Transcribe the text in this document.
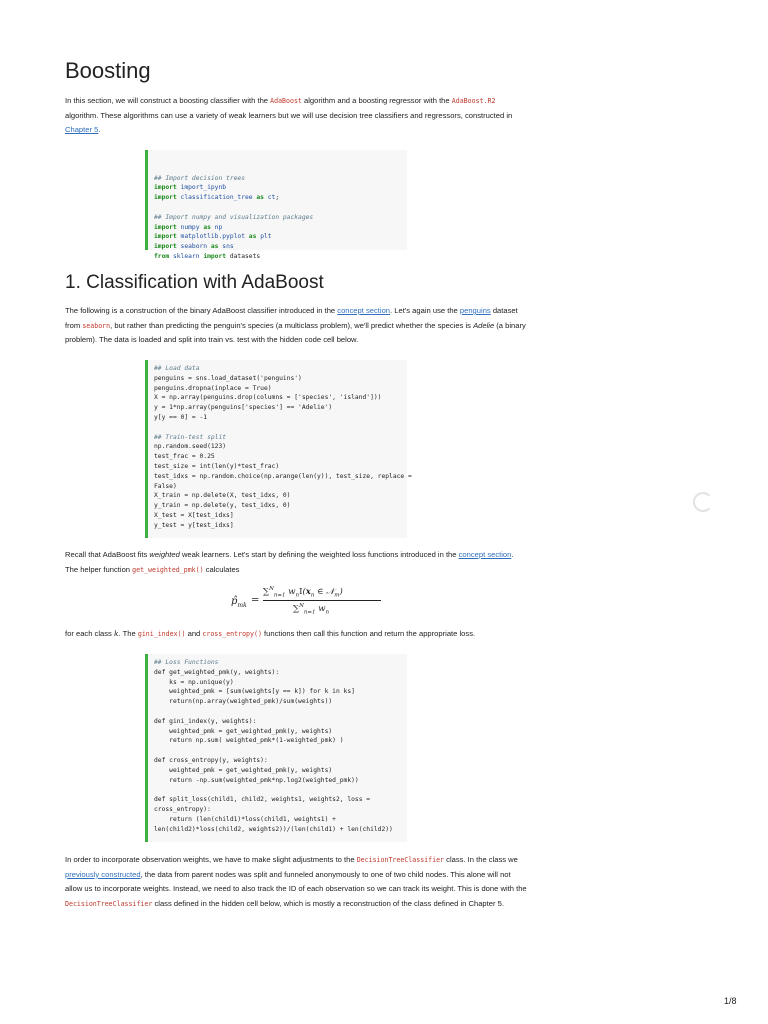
Boosting
In this section, we will construct a boosting classifier with the AdaBoost algorithm and a boosting regressor with the AdaBoost.R2 algorithm. These algorithms can use a variety of weak learners but we will use decision tree classifiers and regressors, constructed in Chapter 5.

## Import decision trees
import import_ipynb
import classification_tree as ct;

## Import numpy and visualization packages
import numpy as np
import matplotlib.pyplot as plt
import seaborn as sns
from sklearn import datasets

1. Classification with AdaBoost
The following is a construction of the binary AdaBoost classifier introduced in the concept section. Let's again use the penguins dataset from seaborn, but rather than predicting the penguin's species (a multiclass problem), we'll predict whether the species is Adelie (a binary problem). The data is loaded and split into train vs. test with the hidden code cell below.
## Load data
penguins = sns.load_dataset('penguins')
penguins.dropna(inplace = True)
X = np.array(penguins.drop(columns = ['species', 'island']))
y = 1*np.array(penguins['species'] == 'Adelie')
y[y == 0] = -1

## Train-test split
np.random.seed(123)
test_frac = 0.25
test_size = int(len(y)*test_frac)
test_idxs = np.random.choice(np.arange(len(y)), test_size, replace =
False)
X_train = np.delete(X, test_idxs, 0)
y_train = np.delete(y, test_idxs, 0)
X_test = X[test_idxs]
y_test = y[test_idxs]
Recall that AdaBoost fits weighted weak learners. Let's start by defining the weighted loss functions introduced in the concept section. The helper function get_weighted_pmk() calculates
$p̂_{mk}$ =
∑$^N_{n=1}$ $w_nI(x_n$ ∈ 𝒩$_m$)
∑$^N_{n=1}$ $w_n$
for each class k. The gini_index() and cross_entropy() functions then call this function and return the appropriate loss.
## Loss Functions
def get_weighted_pmk(y, weights):
ks = np.unique(y)
weighted_pmk = [sum(weights[y == k]) for k in ks]
return(np.array(weighted_pmk)/sum(weights))

def gini_index(y, weights):
weighted_pmk = get_weighted_pmk(y, weights)
return np.sum( weighted_pmk*(1-weighted_pmk) )

def cross_entropy(y, weights):
weighted_pmk = get_weighted_pmk(y, weights)
return -np.sum(weighted_pmk*np.log2(weighted_pmk))

def split_loss(child1, child2, weights1, weights2, loss =
cross_entropy):
return (len(child1)*loss(child1, weights1) +
len(child2)*loss(child2, weights2))/(len(child1) + len(child2))
In order to incorporate observation weights, we have to make slight adjustments to the DecisionTreeClassifier class. In the class we previously constructed, the data from parent nodes was split and funneled anonymously to one of two child nodes. This alone will not allow us to incorporate weights. Instead, we need to also track the ID of each observation so we can track its weight. This is done with the DecisionTreeClassifier class defined in the hidden cell below, which is mostly a reconstruction of the class defined in Chapter 5.
1/8
